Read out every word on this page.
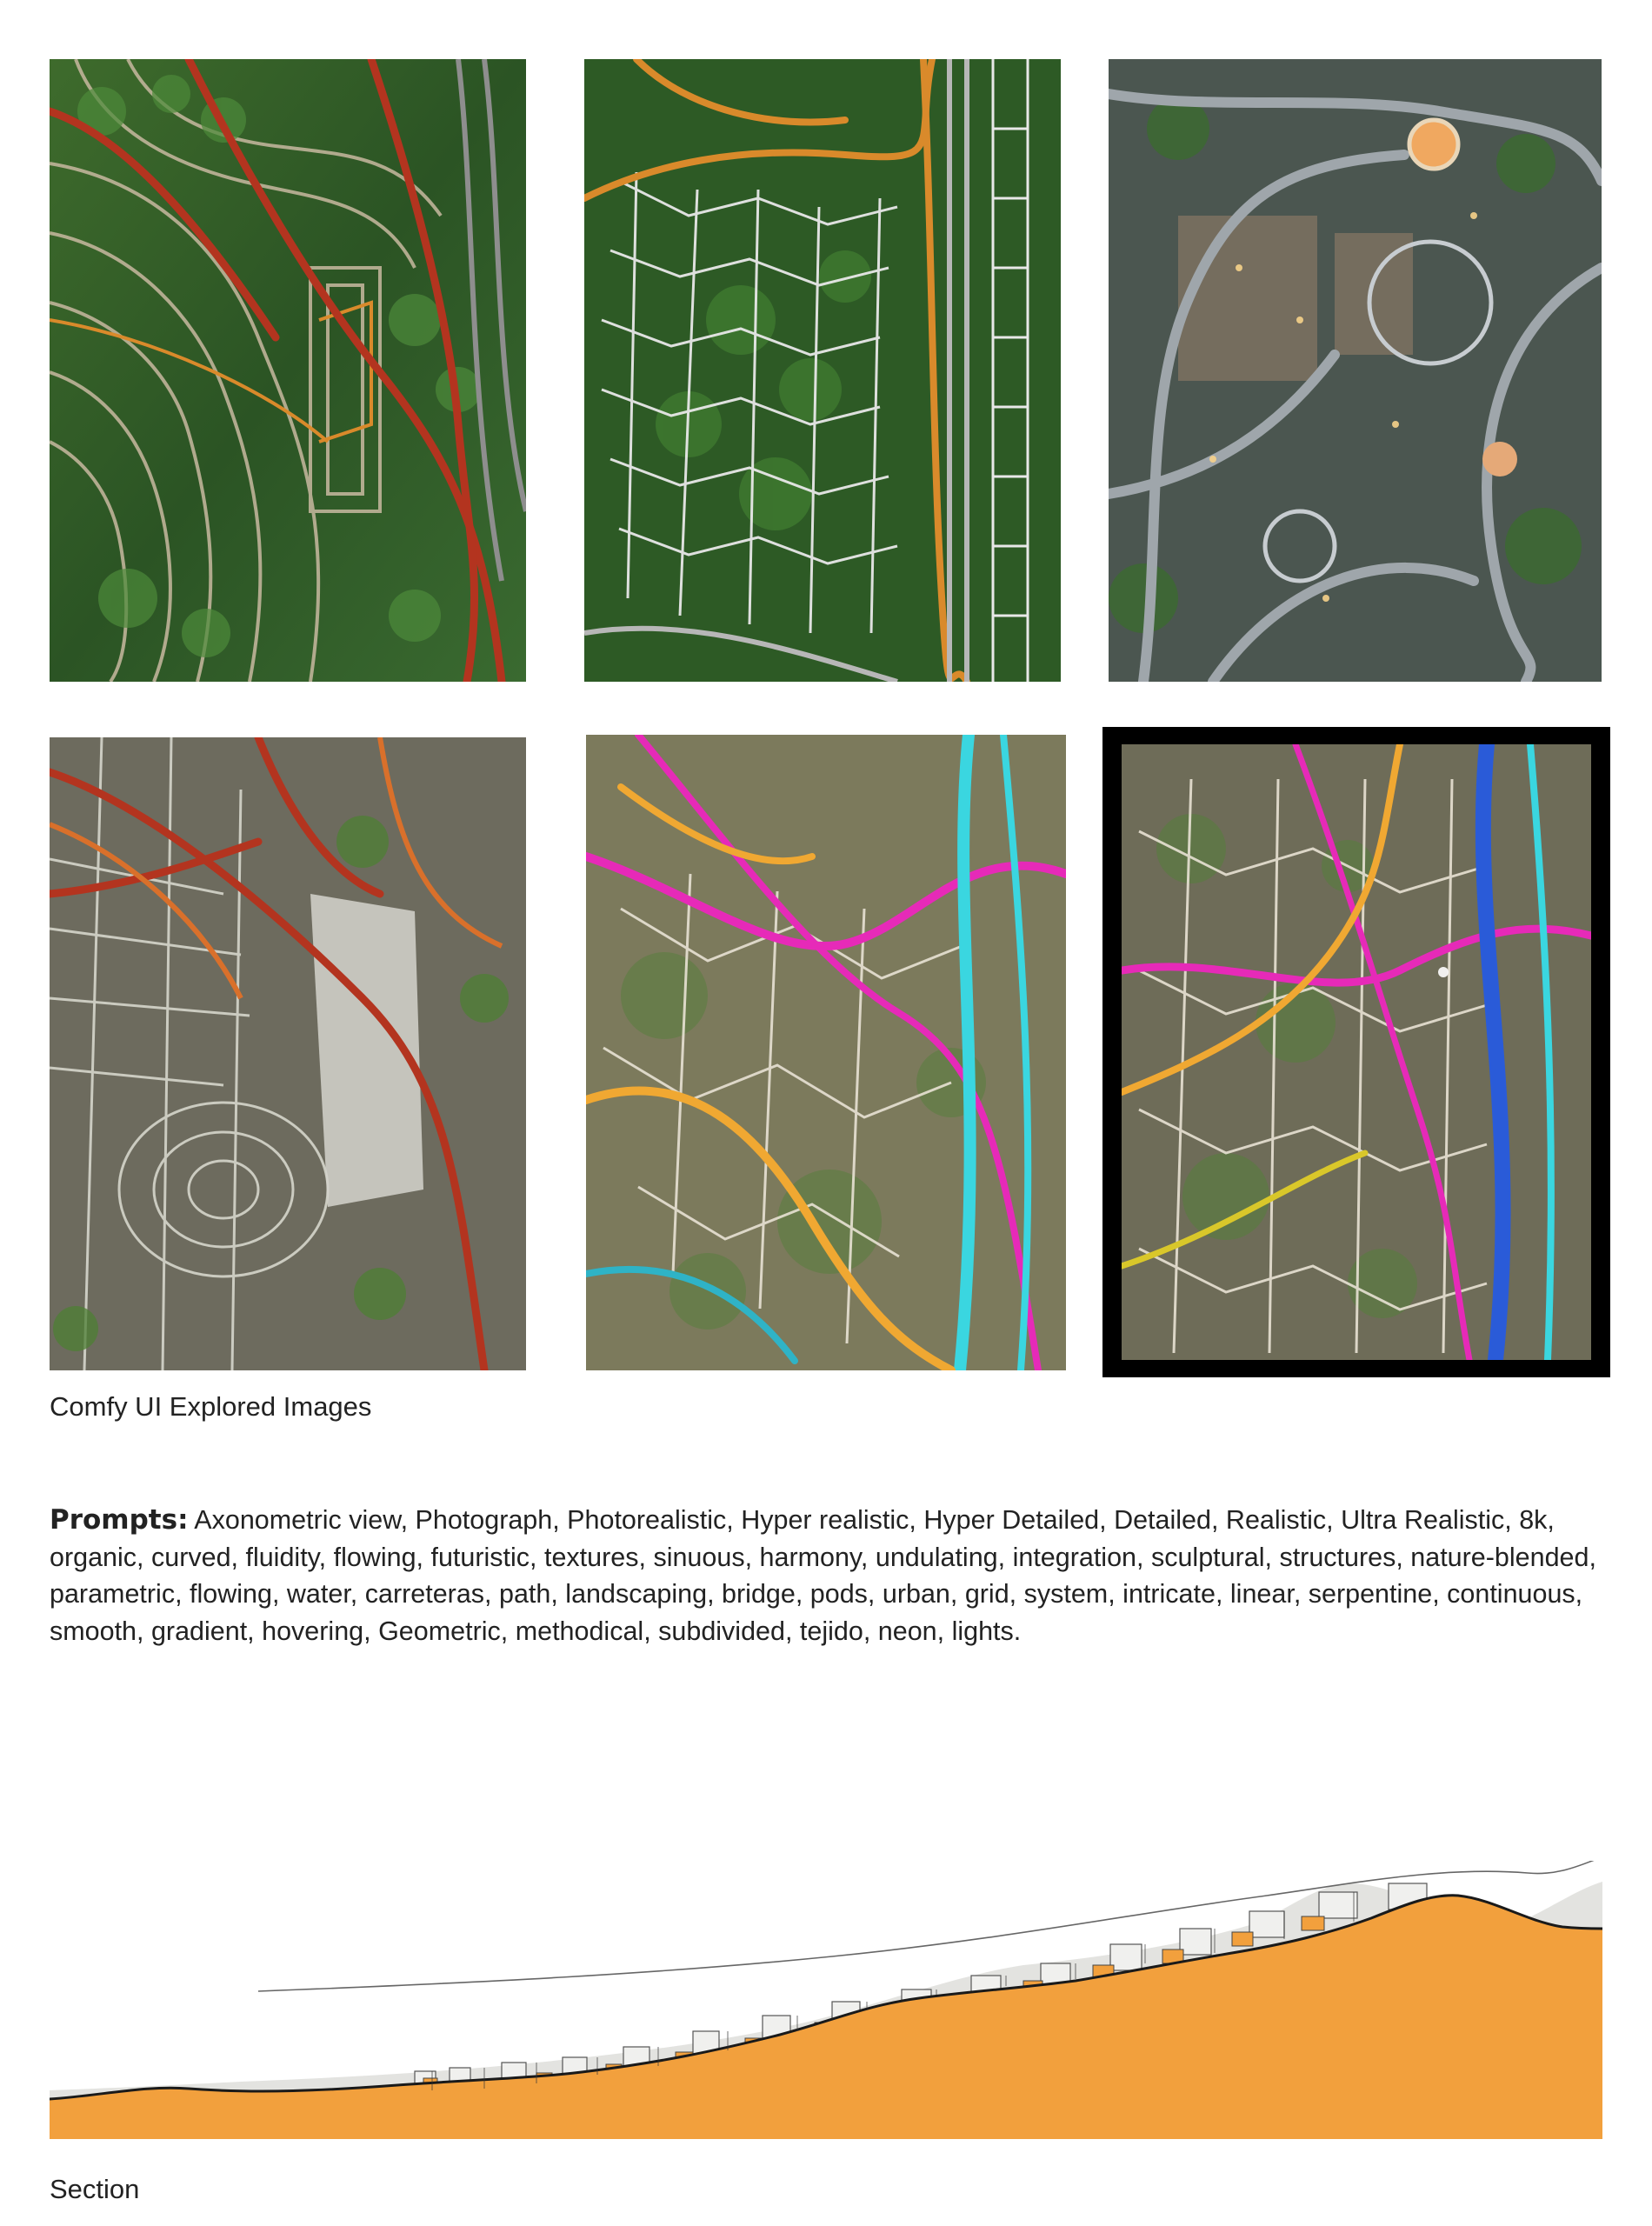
Comfy UI Explored Images
Prompts: Axonometric view, Photograph, Photorealistic, Hyper realistic, Hyper Detailed, Detailed, Realistic, Ultra Realistic, 8k, organic, curved, fluidity, flowing, futuristic, textures, sinuous, harmony, undulating, integration, sculptural, structures, nature-blended, parametric, flowing, water, carreteras, path, landscaping, bridge, pods, urban, grid, system, intricate, linear, serpentine, continuous, smooth, gradient, hovering, Geometric, methodical, subdivided, tejido, neon, lights.
Section
